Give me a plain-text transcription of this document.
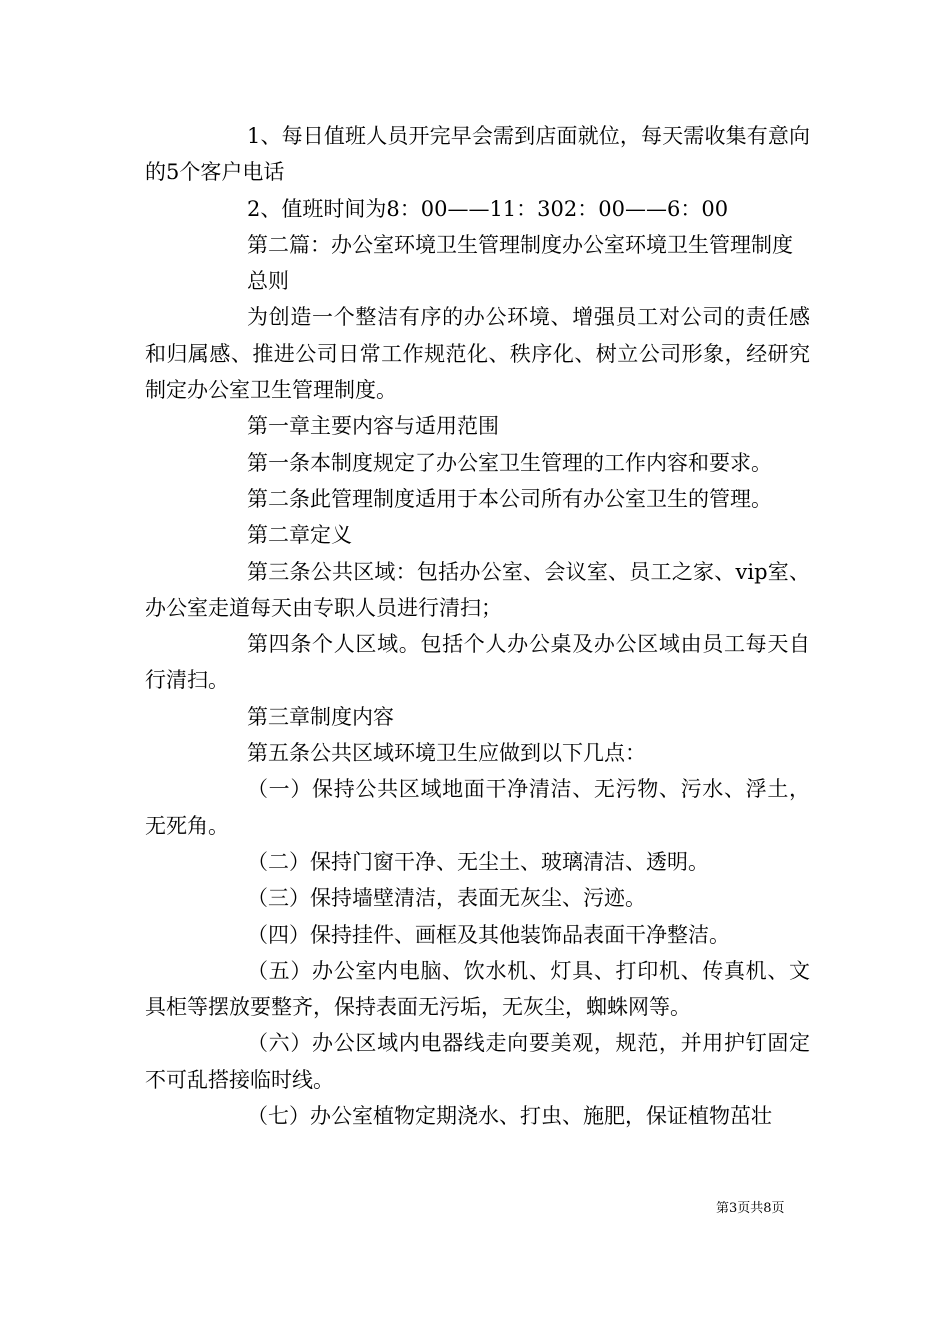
1、每日值班人员开完早会需到店面就位，每天需收集有意向的5个客户电话

2、值班时间为8：00——11：302：00——6：00

第二篇：办公室环境卫生管理制度办公室环境卫生管理制度

总则

为创造一个整洁有序的办公环境、增强员工对公司的责任感和归属感、推进公司日常工作规范化、秩序化、树立公司形象，经研究制定办公室卫生管理制度。

第一章主要内容与适用范围

第一条本制度规定了办公室卫生管理的工作内容和要求。

第二条此管理制度适用于本公司所有办公室卫生的管理。

第二章定义

第三条公共区域：包括办公室、会议室、员工之家、vip室、办公室走道每天由专职人员进行清扫；

第四条个人区域。包括个人办公桌及办公区域由员工每天自行清扫。

第三章制度内容

第五条公共区域环境卫生应做到以下几点：

（一）保持公共区域地面干净清洁、无污物、污水、浮土，无死角。

（二）保持门窗干净、无尘土、玻璃清洁、透明。

（三）保持墙壁清洁，表面无灰尘、污迹。

（四）保持挂件、画框及其他装饰品表面干净整洁。

（五）办公室内电脑、饮水机、灯具、打印机、传真机、文具柜等摆放要整齐，保持表面无污垢，无灰尘，蜘蛛网等。

（六）办公区域内电器线走向要美观，规范，并用护钉固定不可乱搭接临时线。

（七）办公室植物定期浇水、打虫、施肥，保证植物茁壮

第3页共8页
